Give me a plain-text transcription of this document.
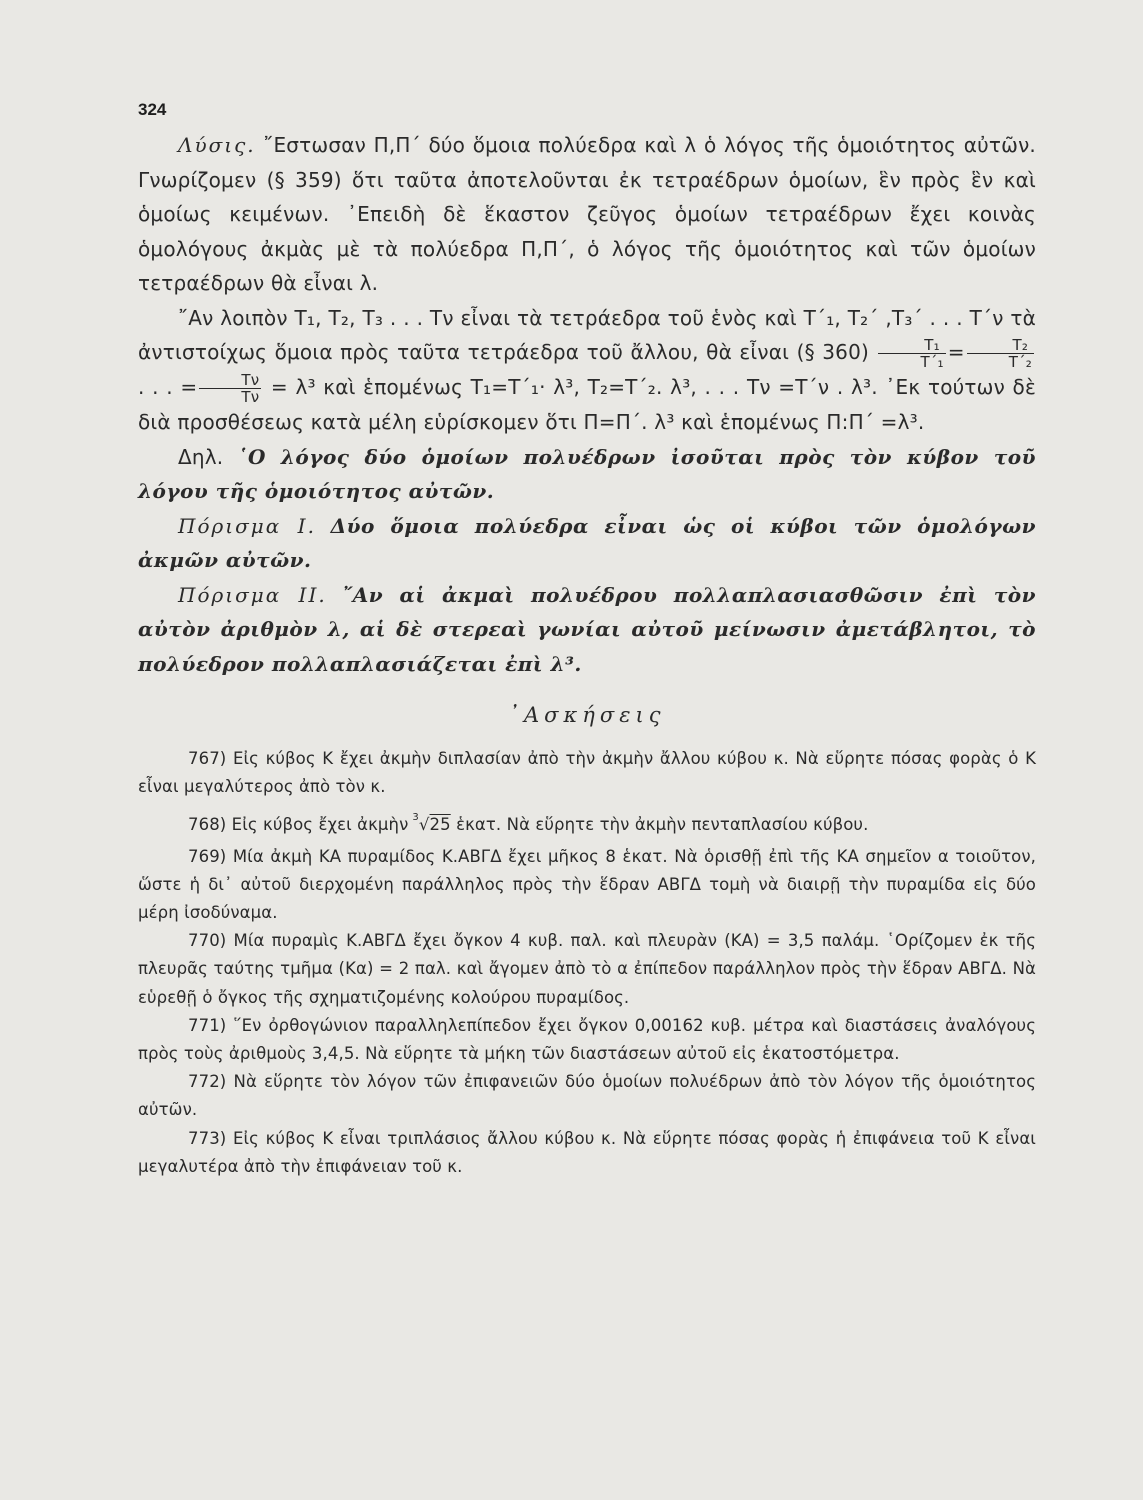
324

Λύσις. ῎Εστωσαν Π,Π΄ δύο ὅμοια πολύεδρα καὶ λ ὁ λόγος τῆς ὁμοιότητος αὐτῶν. Γνωρίζομεν (§ 359) ὅτι ταῦτα ἀποτελοῦνται ἐκ τετραέδρων ὁμοίων, ἓν πρὸς ἓν καὶ ὁμοίως κειμένων. ᾿Επειδὴ δὲ ἕκαστον ζεῦγος ὁμοίων τετραέδρων ἔχει κοινὰς ὁμολόγους ἀκμὰς μὲ τὰ πολύεδρα Π,Π΄, ὁ λόγος τῆς ὁμοιότητος καὶ τῶν ὁμοίων τετραέδρων θὰ εἶναι λ.

῎Αν λοιπὸν Τ₁, Τ₂, Τ₃ . . . Τν εἶναι τὰ τετράεδρα τοῦ ἑνὸς καὶ Τ΄₁, Τ₂΄ ,Τ₃΄ . . . Τ΄ν τὰ ἀντιστοίχως ὅμοια πρὸς ταῦτα τετράεδρα τοῦ ἄλλου, θὰ εἶναι (§ $360) \frac{\text{Τ₁}}{\text{Τ΄₁}} = \frac{\text{Τ₂}}{\text{Τ΄₂}}$
. . . = $\frac{T\nu}{T\nu} = \lambda^3$ καὶ ἑπομένως Τ₁=Τ΄₁· λ³, Τ₂=Τ΄₂. λ³, . . . Τν =Τ΄ν . λ³. ᾿Εκ τούτων δὲ διὰ προσθέσεως κατὰ μέλη εὑρίσκομεν ὅτι Π=Π΄. λ³ καὶ ἑπομένως Π:Π΄ =λ³.

Δηλ. ῾Ο λόγος δύο ὁμοίων πολυέδρων ἰσοῦται πρὸς τὸν κύβον τοῦ λόγου τῆς ὁμοιότητος αὐτῶν.

Πόρισμα Ι. Δύο ὅμοια πολύεδρα εἶναι ὡς οἱ κύβοι τῶν ὁμολόγων ἀκμῶν αὐτῶν.

Πόρισμα ΙΙ. ῎Αν αἱ ἀκμαὶ πολυέδρου πολλαπλασιασθῶσιν ἐπὶ τὸν αὐτὸν ἀριθμὸν λ, αἱ δὲ στερεαὶ γωνίαι αὐτοῦ μείνωσιν ἀμετάβλητοι, τὸ πολύεδρον πολλαπλασιάζεται ἐπὶ λ³.

᾿Ασκήσεις

767) Εἰς κύβος Κ ἔχει ἀκμὴν διπλασίαν ἀπὸ τὴν ἀκμὴν ἄλλου κύβου κ. Νὰ εὕρητε πόσας φορὰς ὁ Κ εἶναι μεγαλύτερος ἀπὸ τὸν κ.

768) Εἰς κύβος ἔχει ἀκμὴν $^3$√25 ἑκατ. Νὰ εὕρητε τὴν ἀκμὴν πενταπλασίου κύβου.

769) Μία ἀκμὴ ΚΑ πυραμίδος Κ.ΑΒΓΔ ἔχει μῆκος 8 ἑκατ. Νὰ ὁρισθῇ ἐπὶ τῆς ΚΑ σημεῖον α τοιοῦτον, ὥστε ἡ δι᾿ αὐτοῦ διερχομένη παράλληλος πρὸς τὴν ἕδραν ΑΒΓΔ τομὴ νὰ διαιρῇ τὴν πυραμίδα εἰς δύο μέρη ἰσοδύναμα.

770) Μία πυραμὶς Κ.ΑΒΓΔ ἔχει ὄγκον 4 κυβ. παλ. καὶ πλευρὰν (ΚΑ) = 3,5 παλάμ. ῾Ορίζομεν ἐκ τῆς πλευρᾶς ταύτης τμῆμα (Κα) = 2 παλ. καὶ ἄγομεν ἀπὸ τὸ α ἐπίπεδον παράλληλον πρὸς τὴν ἕδραν ΑΒΓΔ. Νὰ εὑρεθῇ ὁ ὄγκος τῆς σχηματιζομένης κολούρου πυραμίδος.

771) ῞Εν ὀρθογώνιον παραλληλεπίπεδον ἔχει ὄγκον 0,00162 κυβ. μέτρα καὶ διαστάσεις ἀναλόγους πρὸς τοὺς ἀριθμοὺς 3,4,5. Νὰ εὕρητε τὰ μήκη τῶν διαστάσεων αὐτοῦ εἰς ἑκατοστόμετρα.

772) Νὰ εὕρητε τὸν λόγον τῶν ἐπιφανειῶν δύο ὁμοίων πολυέδρων ἀπὸ τὸν λόγον τῆς ὁμοιότητος αὐτῶν.

773) Εἰς κύβος Κ εἶναι τριπλάσιος ἄλλου κύβου κ. Νὰ εὕρητε πόσας φορὰς ἡ ἐπιφάνεια τοῦ Κ εἶναι μεγαλυτέρα ἀπὸ τὴν ἐπιφάνειαν τοῦ κ.
